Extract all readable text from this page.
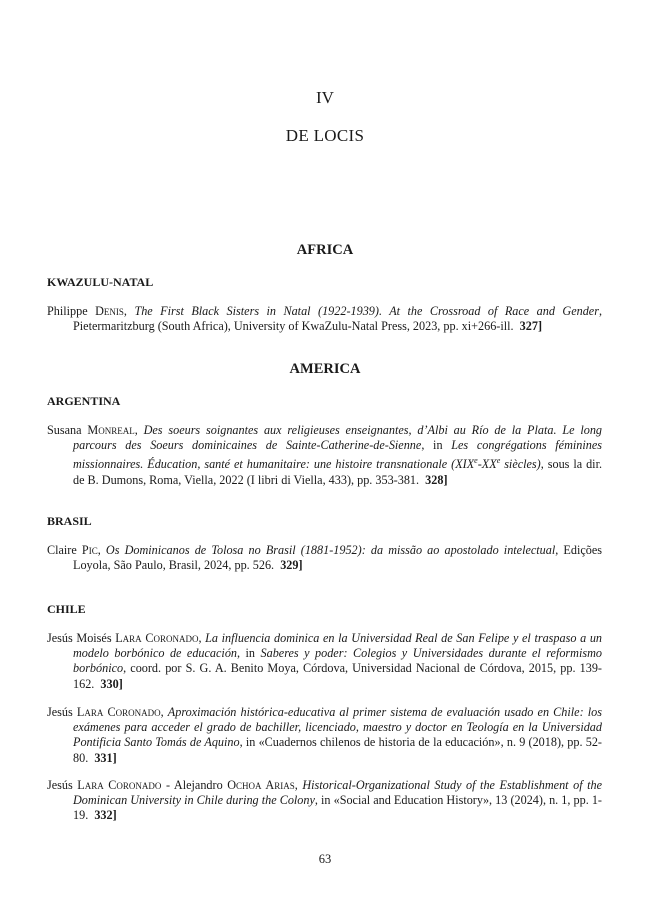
IV
DE LOCIS
AFRICA
KWAZULU-NATAL
Philippe Denis, The First Black Sisters in Natal (1922-1939). At the Crossroad of Race and Gender, Pietermaritzburg (South Africa), University of KwaZulu-Natal Press, 2023, pp. xi+266-ill. 327]
AMERICA
ARGENTINA
Susana Monreal, Des soeurs soignantes aux religieuses enseignantes, d’Albi au Río de la Plata. Le long parcours des Soeurs dominicaines de Sainte-Catherine-de-Sienne, in Les congrégations féminines missionnaires. Éducation, santé et humanitaire: une histoire transnationale (XIXe-XXe siècles), sous la dir. de B. Dumons, Roma, Viella, 2022 (I libri di Viella, 433), pp. 353-381. 328]
BRASIL
Claire Pic, Os Dominicanos de Tolosa no Brasil (1881-1952): da missão ao apostolado intelectual, Edições Loyola, São Paulo, Brasil, 2024, pp. 526. 329]
CHILE
Jesús Moisés Lara Coronado, La influencia dominica en la Universidad Real de San Felipe y el traspaso a un modelo borbónico de educación, in Saberes y poder: Colegios y Universidades durante el reformismo borbónico, coord. por S. G. A. Benito Moya, Córdova, Universidad Nacional de Córdova, 2015, pp. 139-162. 330]
Jesús Lara Coronado, Aproximación histórica-educativa al primer sistema de evaluación usado en Chile: los exámenes para acceder el grado de bachiller, licenciado, maestro y doctor en Teología en la Universidad Pontificia Santo Tomás de Aquino, in «Cuadernos chilenos de historia de la educación», n. 9 (2018), pp. 52-80. 331]
Jesús Lara Coronado - Alejandro Ochoa Arias, Historical-Organizational Study of the Establishment of the Dominican University in Chile during the Colony, in «Social and Education History», 13 (2024), n. 1, pp. 1-19. 332]
63
